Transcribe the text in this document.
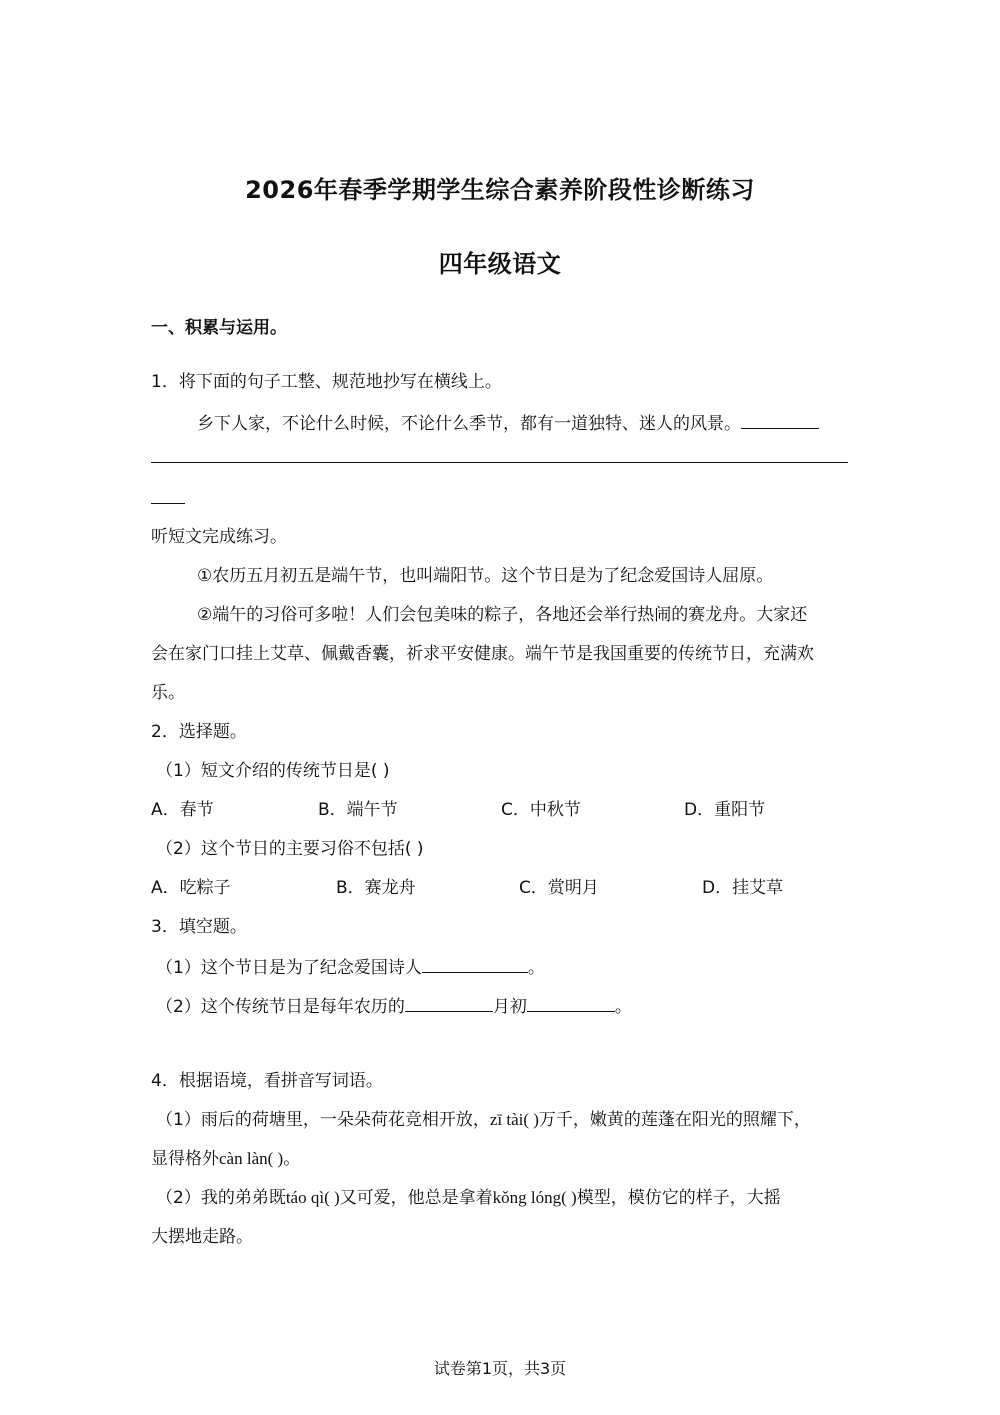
2026年春季学期学生综合素养阶段性诊断练习
四年级语文
一、积累与运用。
1．将下面的句子工整、规范地抄写在横线上。
乡下人家，不论什么时候，不论什么季节，都有一道独特、迷人的风景。
听短文完成练习。
①农历五月初五是端午节，也叫端阳节。这个节日是为了纪念爱国诗人屈原。
②端午的习俗可多啦！人们会包美味的粽子，各地还会举行热闹的赛龙舟。大家还
会在家门口挂上艾草、佩戴香囊，祈求平安健康。端午节是我国重要的传统节日，充满欢
乐。
2．选择题。
（1）短文介绍的传统节日是( )
A．春节	B．端午节	C．中秋节	D．重阳节
（2）这个节日的主要习俗不包括( )
A．吃粽子	B．赛龙舟	C．赏明月	D．挂艾草
3．填空题。
（1）这个节日是为了纪念爱国诗人	。
（2）这个传统节日是每年农历的	月初	。
4．根据语境，看拼音写词语。
（1）雨后的荷塘里，一朵朵荷花竞相开放，zī tài( )万千，嫩黄的莲蓬在阳光的照耀下，
显得格外càn làn( )。
（2）我的弟弟既táo qì( )又可爱，他总是拿着kǒng lóng( )模型，模仿它的样子，大摇
大摆地走路。
试卷第1页，共3页
